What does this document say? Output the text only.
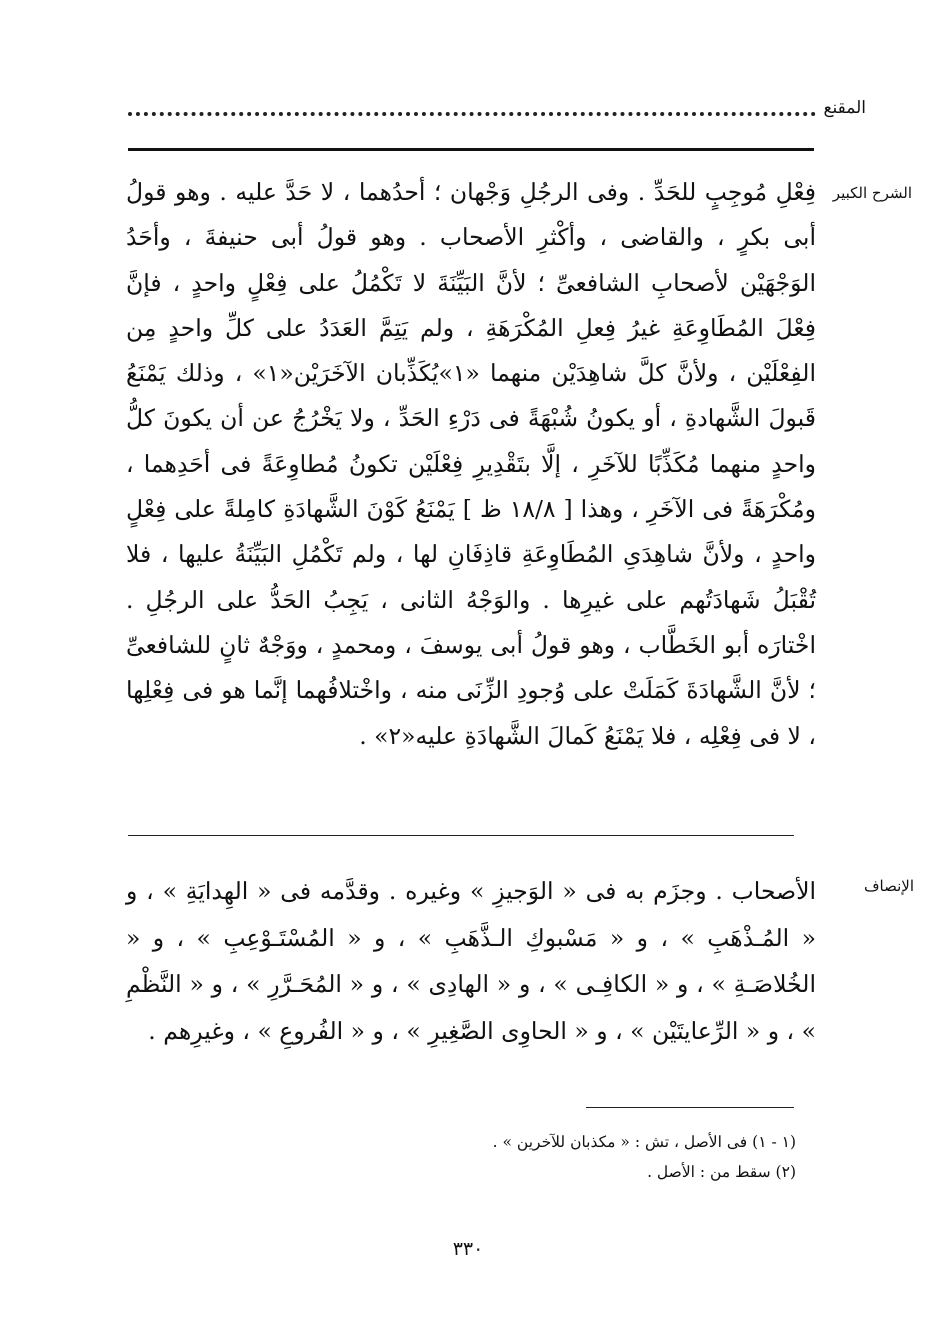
المقنع
الشرح الكبير
فِعْلِ مُوجِبٍ للحَدِّ . وفى الرجُلِ وَجْهان ؛ أحدُهما ، لا حَدَّ عليه . وهو قولُ أبى بكرٍ ، والقاضى ، وأكْثرِ الأصحاب . وهو قولُ أبى حنيفةَ ، وأحَدُ الوَجْهَيْن لأصحابِ الشافعىِّ ؛ لأنَّ البَيِّنَةَ لا تَكْمُلُ على فِعْلٍ واحدٍ ، فإنَّ فِعْلَ المُطَاوِعَةِ غيرُ فِعلِ المُكْرَهَةِ ، ولم يَتِمَّ العَدَدُ على كلِّ واحدٍ مِن الفِعْلَيْن ، ولأنَّ كلَّ شاهِدَيْن منهما «١»يُكَذِّبان الآخَرَيْن«١» ، وذلك يَمْنَعُ قَبولَ الشَّهادةِ ، أو يكونُ شُبْهَةً فى دَرْءِ الحَدِّ ، ولا يَخْرُجُ عن أن يكونَ كلُّ واحدٍ منهما مُكَذِّبًا للآخَرِ ، إلَّا بتَقْدِيرِ فِعْلَيْن تكونُ مُطاوِعَةً فى أحَدِهما ، ومُكْرَهَةً فى الآخَرِ ، وهذا [ ١٨/٨ ظ ] يَمْنَعُ كَوْنَ الشَّهادَةِ كامِلةً على فِعْلٍ واحدٍ ، ولأنَّ شاهِدَىِ المُطَاوِعَةِ قاذِفَانِ لها ، ولم تَكْمُلِ البَيِّنَةُ عليها ، فلا تُقْبَلُ شَهادَتُهم على غيرِها . والوَجْهُ الثانى ، يَجِبُ الحَدُّ على الرجُلِ . اخْتارَه أبو الخَطَّاب ، وهو قولُ أبى يوسفَ ، ومحمدٍ ، ووَجْهٌ ثانٍ للشافعىِّ ؛ لأنَّ الشَّهادَةَ كَمَلَتْ على وُجودِ الزِّنَى منه ، واخْتلافُهما إنَّما هو فى فِعْلِها ، لا فى فِعْلِه ، فلا يَمْنَعُ كَمالَ الشَّهادَةِ عليه«٢» .
الإنصاف
الأصحاب . وجزَم به فى « الوَجيزِ » وغيره . وقدَّمه فى « الهِدايَةِ » ، و « المُـذْهَبِ » ، و « مَسْبوكِ الـذَّهَبِ » ، و « المُسْتَـوْعِبِ » ، و « الخُلاصَـةِ » ، و « الكافِـى » ، و « الهادِى » ، و « المُحَـرَّرِ » ، و « النَّظْمِ » ، و « الرِّعايتَيْن » ، و « الحاوِى الصَّغِيرِ » ، و « الفُروعِ » ، وغيرِهم .
(١ - ١) فى الأصل ، تش : « مكذبان للآخرين » .
(٢) سقط من : الأصل .
٣٣٠
